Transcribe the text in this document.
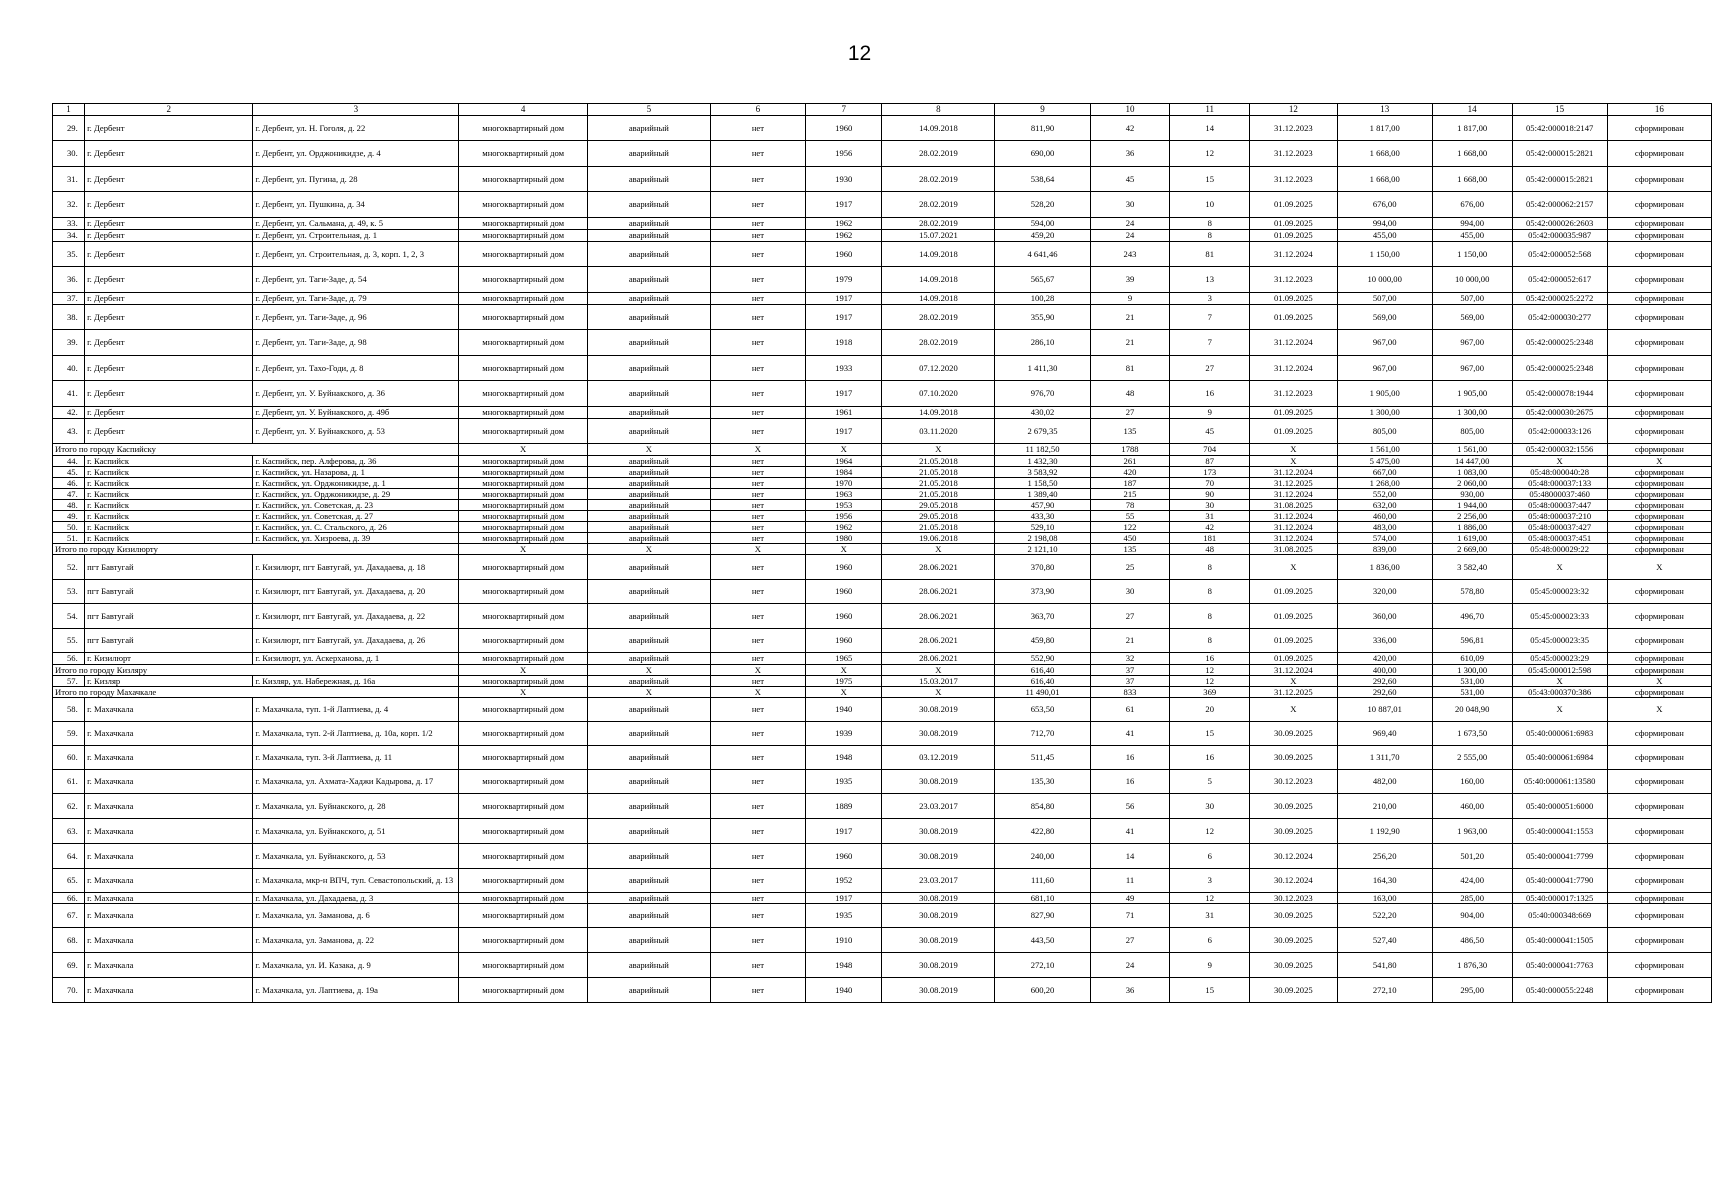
12
1	2	3	4	5	6	7	8	9	10	11	12	13	14	15	16
29.	г. Дербент	г. Дербент, ул. Н. Гоголя, д. 22	многоквартирный дом	аварийный	нет	1960	14.09.2018	811,90	42	14	31.12.2023	1 817,00	1 817,00	05:42:000018:2147	сформирован
30.	г. Дербент	г. Дербент, ул. Орджоникидзе, д. 4	многоквартирный дом	аварийный	нет	1956	28.02.2019	690,00	36	12	31.12.2023	1 668,00	1 668,00	05:42:000015:2821	сформирован
31.	г. Дербент	г. Дербент, ул. Пугина, д. 28	многоквартирный дом	аварийный	нет	1930	28.02.2019	538,64	45	15	31.12.2023	1 668,00	1 668,00	05:42:000015:2821	сформирован
32.	г. Дербент	г. Дербент, ул. Пушкина, д. 34	многоквартирный дом	аварийный	нет	1917	28.02.2019	528,20	30	10	01.09.2025	676,00	676,00	05:42:000062:2157	сформирован
33.	г. Дербент	г. Дербент, ул. Сальмана, д. 49, к. 5	многоквартирный дом	аварийный	нет	1962	28.02.2019	594,00	24	8	01.09.2025	994,00	994,00	05:42:000026:2603	сформирован
34.	г. Дербент	г. Дербент, ул. Строительная, д. 1	многоквартирный дом	аварийный	нет	1962	15.07.2021	459,20	24	8	01.09.2025	455,00	455,00	05:42:000035:987	сформирован
35.	г. Дербент	г. Дербент, ул. Строительная, д. 3, корп. 1, 2, 3	многоквартирный дом	аварийный	нет	1960	14.09.2018	4 641,46	243	81	31.12.2024	1 150,00	1 150,00	05:42:000052:568	сформирован
36.	г. Дербент	г. Дербент, ул. Таги-Заде, д. 54	многоквартирный дом	аварийный	нет	1979	14.09.2018	565,67	39	13	31.12.2023	10 000,00	10 000,00	05:42:000052:617	сформирован
37.	г. Дербент	г. Дербент, ул. Таги-Заде, д. 79	многоквартирный дом	аварийный	нет	1917	14.09.2018	100,28	9	3	01.09.2025	507,00	507,00	05:42:000025:2272	сформирован
38.	г. Дербент	г. Дербент, ул. Таги-Заде, д. 96	многоквартирный дом	аварийный	нет	1917	28.02.2019	355,90	21	7	01.09.2025	569,00	569,00	05:42:000030:277	сформирован
39.	г. Дербент	г. Дербент, ул. Таги-Заде, д. 98	многоквартирный дом	аварийный	нет	1918	28.02.2019	286,10	21	7	31.12.2024	967,00	967,00	05:42:000025:2348	сформирован
40.	г. Дербент	г. Дербент, ул. Тахо-Годи, д. 8	многоквартирный дом	аварийный	нет	1933	07.12.2020	1 411,30	81	27	31.12.2024	967,00	967,00	05:42:000025:2348	сформирован
41.	г. Дербент	г. Дербент, ул. У. Буйнакского, д. 36	многоквартирный дом	аварийный	нет	1917	07.10.2020	976,70	48	16	31.12.2023	1 905,00	1 905,00	05:42:000078:1944	сформирован
42.	г. Дербент	г. Дербент, ул. У. Буйнакского, д. 49б	многоквартирный дом	аварийный	нет	1961	14.09.2018	430,02	27	9	01.09.2025	1 300,00	1 300,00	05:42:000030:2675	сформирован
43.	г. Дербент	г. Дербент, ул. У. Буйнакского, д. 53	многоквартирный дом	аварийный	нет	1917	03.11.2020	2 679,35	135	45	01.09.2025	805,00	805,00	05:42:000033:126	сформирован
Итого по городу Каспийску			X	X	X	X	X	11 182,50	1788	704	X	1 561,00	1 561,00	05:42:000032:1556	сформирован
44.	г. Каспийск	г. Каспийск, пер. Алферова, д. 36	многоквартирный дом	аварийный	нет	1964	21.05.2018	1 432,30	261	87	X	5 475,00	14 447,00	X	X
45.	г. Каспийск	г. Каспийск, ул. Назарова, д. 1	многоквартирный дом	аварийный	нет	1984	21.05.2018	3 583,92	420	173	31.12.2024	667,00	1 083,00	05:48:000040:28	сформирован
46.	г. Каспийск	г. Каспийск, ул. Орджоникидзе, д. 1	многоквартирный дом	аварийный	нет	1970	21.05.2018	1 158,50	187	70	31.12.2025	1 268,00	2 060,00	05:48:000037:133	сформирован
47.	г. Каспийск	г. Каспийск, ул. Орджоникидзе, д. 29	многоквартирный дом	аварийный	нет	1963	21.05.2018	1 389,40	215	90	31.12.2024	552,00	930,00	05:48000037:460	сформирован
48.	г. Каспийск	г. Каспийск, ул. Советская, д. 23	многоквартирный дом	аварийный	нет	1953	29.05.2018	457,90	78	30	31.08.2025	632,00	1 944,00	05:48:000037:447	сформирован
49.	г. Каспийск	г. Каспийск, ул. Советская, д. 27	многоквартирный дом	аварийный	нет	1956	29.05.2018	433,30	55	31	31.12.2024	460,00	2 256,00	05:48:000037:210	сформирован
50.	г. Каспийск	г. Каспийск, ул. С. Стальского, д. 26	многоквартирный дом	аварийный	нет	1962	21.05.2018	529,10	122	42	31.12.2024	483,00	1 886,00	05:48:000037:427	сформирован
51.	г. Каспийск	г. Каспийск, ул. Хизроева, д. 39	многоквартирный дом	аварийный	нет	1980	19.06.2018	2 198,08	450	181	31.12.2024	574,00	1 619,00	05:48:000037:451	сформирован
Итого по городу Кизилюрту			X	X	X	X	X	2 121,10	135	48	31.08.2025	839,00	2 669,00	05:48:000029:22	сформирован
52.	пгт Бавтугай	г. Кизилюрт, пгт Бавтугай, ул. Дахадаева, д. 18	многоквартирный дом	аварийный	нет	1960	28.06.2021	370,80	25	8	X	1 836,00	3 582,40	X	X
53.	пгт Бавтугай	г. Кизилюрт, пгт Бавтугай, ул. Дахадаева, д. 20	многоквартирный дом	аварийный	нет	1960	28.06.2021	373,90	30	8	01.09.2025	320,00	578,80	05:45:000023:32	сформирован
54.	пгт Бавтугай	г. Кизилюрт, пгт Бавтугай, ул. Дахадаева, д. 22	многоквартирный дом	аварийный	нет	1960	28.06.2021	363,70	27	8	01.09.2025	360,00	496,70	05:45:000023:33	сформирован
55.	пгт Бавтугай	г. Кизилюрт, пгт Бавтугай, ул. Дахадаева, д. 26	многоквартирный дом	аварийный	нет	1960	28.06.2021	459,80	21	8	01.09.2025	336,00	596,81	05:45:000023:35	сформирован
56.	г. Кизилюрт	г. Кизилюрт, ул. Аскерханова, д. 1	многоквартирный дом	аварийный	нет	1965	28.06.2021	552,90	32	16	01.09.2025	420,00	610,09	05:45:000023:29	сформирован
Итого по городу Кизляру			X	X	X	X	X	616,40	37	12	31.12.2024	400,00	1 300,00	05:45:000012:598	сформирован
57.	г. Кизляр	г. Кизляр, ул. Набережная, д. 16а	многоквартирный дом	аварийный	нет	1975	15.03.2017	616,40	37	12	X	292,60	531,00	X	X
Итого по городу Махачкале			X	X	X	X	X	11 490,01	833	369	31.12.2025	292,60	531,00	05:43:000370:386	сформирован
58.	г. Махачкала	г. Махачкала, туп. 1-й Лаптиева, д. 4	многоквартирный дом	аварийный	нет	1940	30.08.2019	653,50	61	20	X	10 887,01	20 048,90	X	X
59.	г. Махачкала	г. Махачкала, туп. 2-й Лаптиева, д. 10а, корп. 1/2	многоквартирный дом	аварийный	нет	1939	30.08.2019	712,70	41	15	30.09.2025	969,40	1 673,50	05:40:000061:6983	сформирован
60.	г. Махачкала	г. Махачкала, туп. 3-й Лаптиева, д. 11	многоквартирный дом	аварийный	нет	1948	03.12.2019	511,45	16	16	30.09.2025	1 311,70	2 555,00	05:40:000061:6984	сформирован
61.	г. Махачкала	г. Махачкала, ул. Ахмата-Хаджи Кадырова, д. 17	многоквартирный дом	аварийный	нет	1935	30.08.2019	135,30	16	5	30.12.2023	482,00	160,00	05:40:000061:13580	сформирован
62.	г. Махачкала	г. Махачкала, ул. Буйнакского, д. 28	многоквартирный дом	аварийный	нет	1889	23.03.2017	854,80	56	30	30.09.2025	210,00	460,00	05:40:000051:6000	сформирован
63.	г. Махачкала	г. Махачкала, ул. Буйнакского, д. 51	многоквартирный дом	аварийный	нет	1917	30.08.2019	422,80	41	12	30.09.2025	1 192,90	1 963,00	05:40:000041:1553	сформирован
64.	г. Махачкала	г. Махачкала, ул. Буйнакского, д. 53	многоквартирный дом	аварийный	нет	1960	30.08.2019	240,00	14	6	30.12.2024	256,20	501,20	05:40:000041:7799	сформирован
65.	г. Махачкала	г. Махачкала, мкр-н ВПЧ, туп. Севастопольский, д. 13	многоквартирный дом	аварийный	нет	1952	23.03.2017	111,60	11	3	30.12.2024	164,30	424,00	05:40:000041:7790	сформирован
66.	г. Махачкала	г. Махачкала, ул. Дахадаева, д. 3	многоквартирный дом	аварийный	нет	1917	30.08.2019	681,10	49	12	30.12.2023	163,00	285,00	05:40:000017:1325	сформирован
67.	г. Махачкала	г. Махачкала, ул. Заманова, д. 6	многоквартирный дом	аварийный	нет	1935	30.08.2019	827,90	71	31	30.09.2025	522,20	904,00	05:40:000348:669	сформирован
68.	г. Махачкала	г. Махачкала, ул. Заманова, д. 22	многоквартирный дом	аварийный	нет	1910	30.08.2019	443,50	27	6	30.09.2025	527,40	486,50	05:40:000041:1505	сформирован
69.	г. Махачкала	г. Махачкала, ул. И. Казака, д. 9	многоквартирный дом	аварийный	нет	1948	30.08.2019	272,10	24	9	30.09.2025	541,80	1 876,30	05:40:000041:7763	сформирован
70.	г. Махачкала	г. Махачкала, ул. Лаптиева, д. 19а	многоквартирный дом	аварийный	нет	1940	30.08.2019	600,20	36	15	30.09.2025	272,10	295,00	05:40:000055:2248	сформирован
